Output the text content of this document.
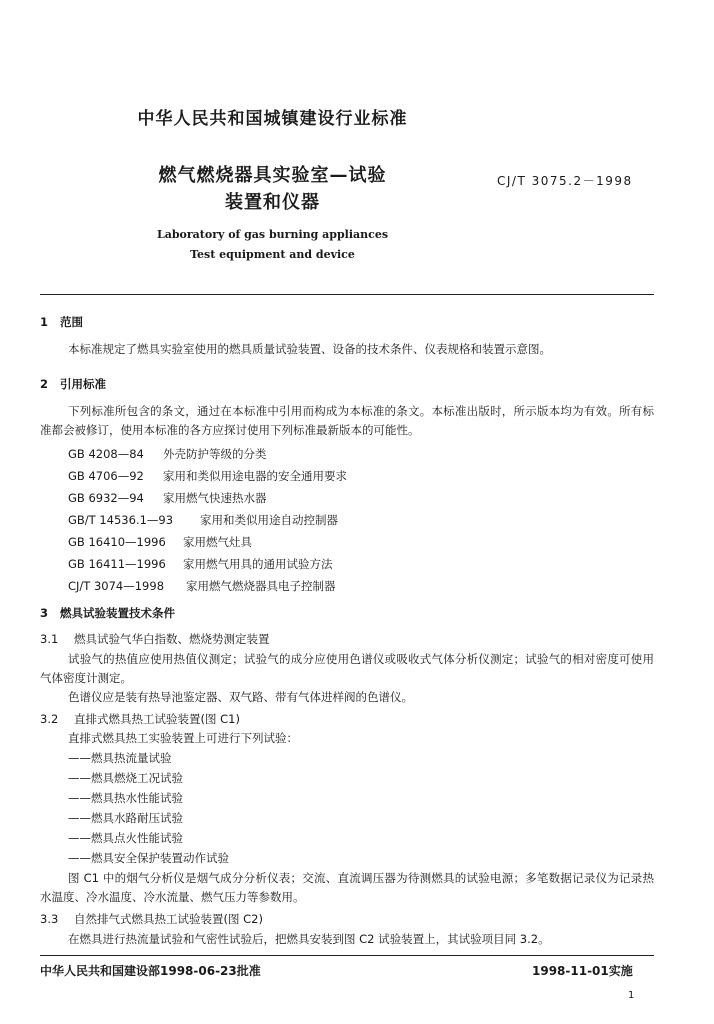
中华人民共和国城镇建设行业标准
燃气燃烧器具实验室—试验
装置和仪器
CJ/T 3075.2－1998
Laboratory of gas burning appliances
Test equipment and device
1 范围
本标准规定了燃具实验室使用的燃具质量试验装置、设备的技术条件、仪表规格和装置示意图。
2 引用标准
下列标准所包含的条文，通过在本标准中引用而构成为本标准的条文。本标准出版时，所示版本均为有效。所有标准都会被修订，使用本标准的各方应探讨使用下列标准最新版本的可能性。
GB 4208—84 外壳防护等级的分类
GB 4706—92 家用和类似用途电器的安全通用要求
GB 6932—94 家用燃气快速热水器
GB/T 14536.1—93 家用和类似用途自动控制器
GB 16410—1996 家用燃气灶具
GB 16411—1996 家用燃气用具的通用试验方法
CJ/T 3074—1998 家用燃气燃烧器具电子控制器
3 燃具试验装置技术条件
3.1 燃具试验气华白指数、燃烧势测定装置
试验气的热值应使用热值仪测定；试验气的成分应使用色谱仪或吸收式气体分析仪测定；试验气的相对密度可使用气体密度计测定。
色谱仪应是装有热导池鉴定器、双气路、带有气体进样阀的色谱仪。
3.2 直排式燃具热工试验装置(图 C1)
直排式燃具热工实验装置上可进行下列试验：
——燃具热流量试验
——燃具燃烧工况试验
——燃具热水性能试验
——燃具水路耐压试验
——燃具点火性能试验
——燃具安全保护装置动作试验
图 C1 中的烟气分析仪是烟气成分分析仪表；交流、直流调压器为待测燃具的试验电源；多笔数据记录仪为记录热水温度、冷水温度、冷水流量、燃气压力等参数用。
3.3 自然排气式燃具热工试验装置(图 C2)
在燃具进行热流量试验和气密性试验后，把燃具安装到图 C2 试验装置上，其试验项目同 3.2。
中华人民共和国建设部1998-06-23批准	1998-11-01实施
1
